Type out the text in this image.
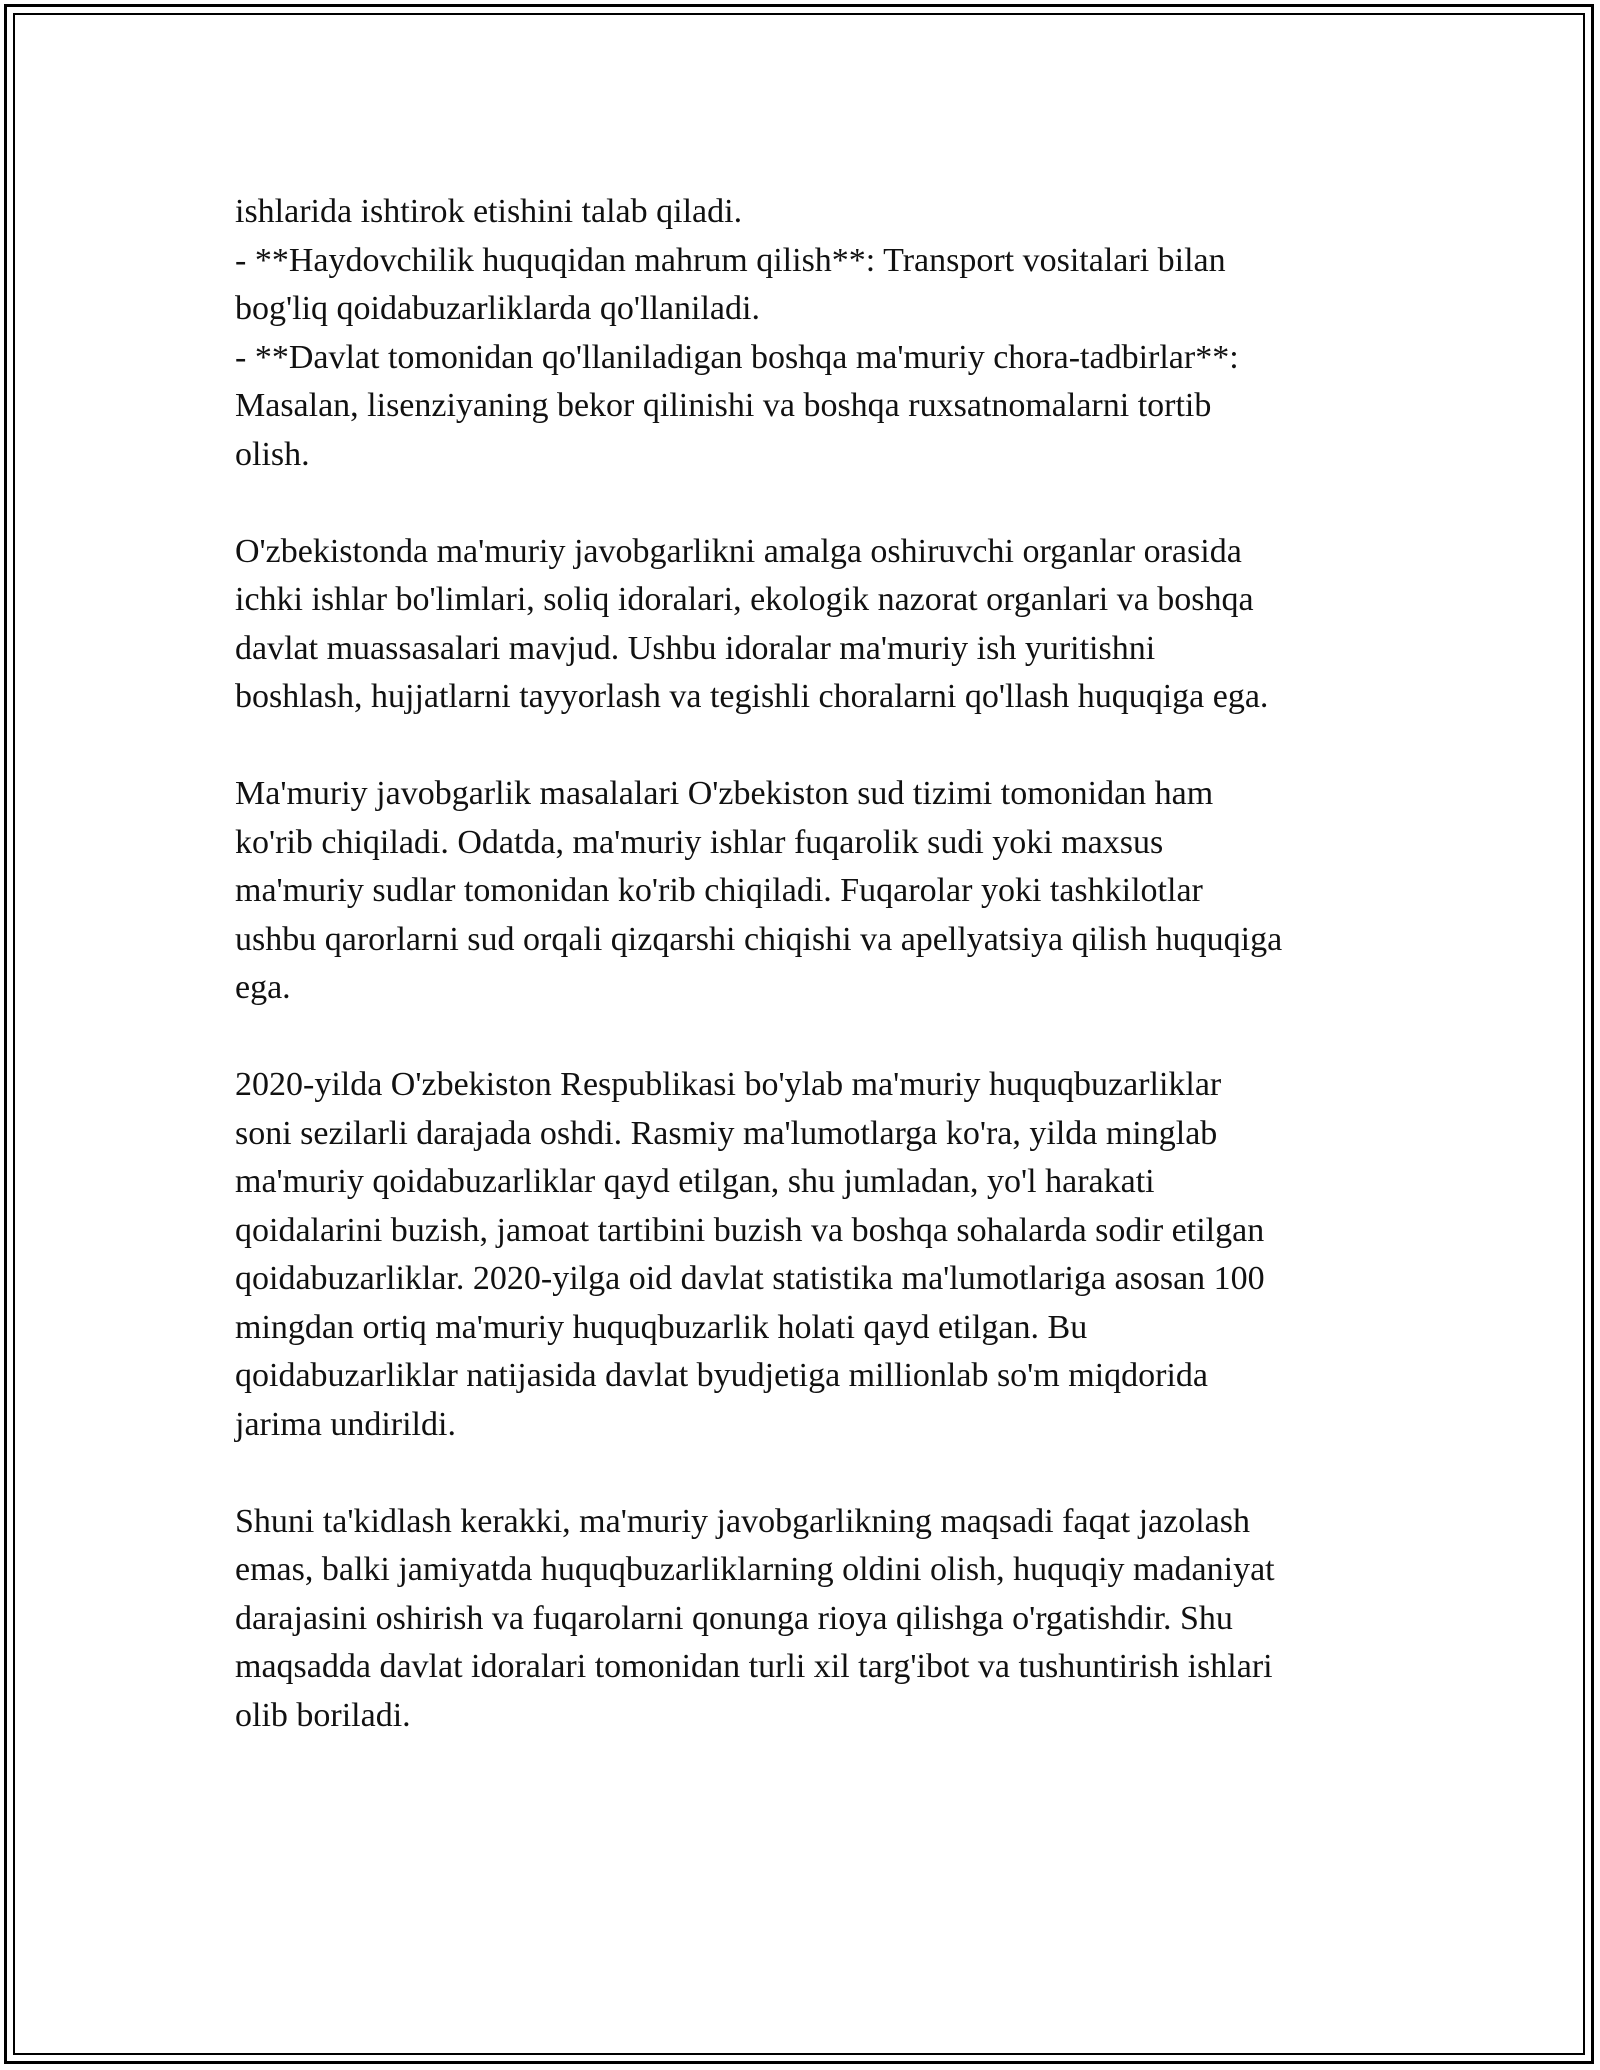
ishlarida ishtirok etishini talab qiladi.
- **Haydovchilik huquqidan mahrum qilish**: Transport vositalari bilan
bog'liq qoidabuzarliklarda qo'llaniladi.
- **Davlat tomonidan qo'llaniladigan boshqa ma'muriy chora-tadbirlar**:
Masalan, lisenziyaning bekor qilinishi va boshqa ruxsatnomalarni tortib
olish.

O'zbekistonda ma'muriy javobgarlikni amalga oshiruvchi organlar orasida
ichki ishlar bo'limlari, soliq idoralari, ekologik nazorat organlari va boshqa
davlat muassasalari mavjud. Ushbu idoralar ma'muriy ish yuritishni
boshlash, hujjatlarni tayyorlash va tegishli choralarni qo'llash huquqiga ega.

Ma'muriy javobgarlik masalalari O'zbekiston sud tizimi tomonidan ham
ko'rib chiqiladi. Odatda, ma'muriy ishlar fuqarolik sudi yoki maxsus
ma'muriy sudlar tomonidan ko'rib chiqiladi. Fuqarolar yoki tashkilotlar
ushbu qarorlarni sud orqali qizqarshi chiqishi va apellyatsiya qilish huquqiga
ega.

2020-yilda O'zbekiston Respublikasi bo'ylab ma'muriy huquqbuzarliklar
soni sezilarli darajada oshdi. Rasmiy ma'lumotlarga ko'ra, yilda minglab
ma'muriy qoidabuzarliklar qayd etilgan, shu jumladan, yo'l harakati
qoidalarini buzish, jamoat tartibini buzish va boshqa sohalarda sodir etilgan
qoidabuzarliklar. 2020-yilga oid davlat statistika ma'lumotlariga asosan 100
mingdan ortiq ma'muriy huquqbuzarlik holati qayd etilgan. Bu
qoidabuzarliklar natijasida davlat byudjetiga millionlab so'm miqdorida
jarima undirildi.

Shuni ta'kidlash kerakki, ma'muriy javobgarlikning maqsadi faqat jazolash
emas, balki jamiyatda huquqbuzarliklarning oldini olish, huquqiy madaniyat
darajasini oshirish va fuqarolarni qonunga rioya qilishga o'rgatishdir. Shu
maqsadda davlat idoralari tomonidan turli xil targ'ibot va tushuntirish ishlari
olib boriladi.
